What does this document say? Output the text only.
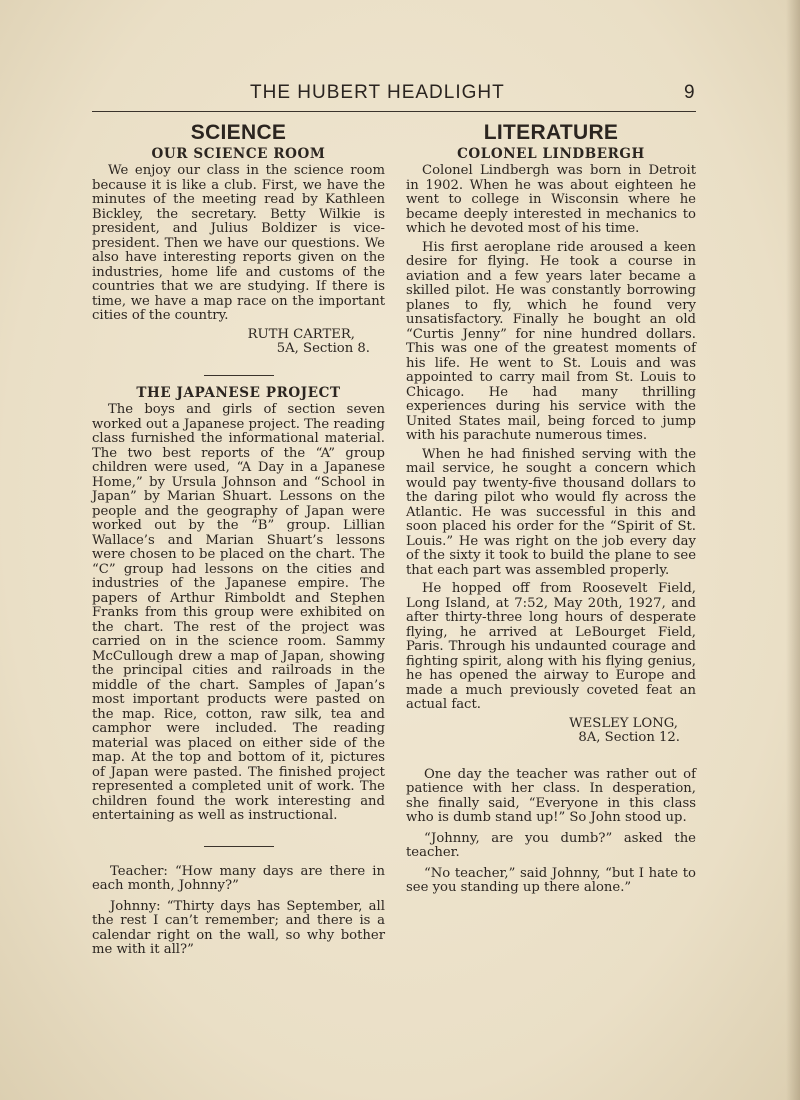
THE HUBERT HEADLIGHT	9
SCIENCE
OUR SCIENCE ROOM

We enjoy our class in the science room because it is like a club. First, we have the minutes of the meeting read by Kathleen Bickley, the secretary. Betty Wilkie is president, and Julius Boldizer is vice-president. Then we have our questions. We also have interesting reports given on the industries, home life and customs of the countries that we are studying. If there is time, we have a map race on the important cities of the country.

RUTH CARTER,
5A, Section 8.
THE JAPANESE PROJECT

The boys and girls of section seven worked out a Japanese project. The reading class furnished the informational material. The two best reports of the “A” group children were used, “A Day in a Japanese Home,” by Ursula Johnson and “School in Japan” by Marian Shuart. Lessons on the people and the geography of Japan were worked out by the “B” group. Lillian Wallace’s and Marian Shuart’s lessons were chosen to be placed on the chart. The “C” group had lessons on the cities and industries of the Japanese empire. The papers of Arthur Rimboldt and Stephen Franks from this group were exhibited on the chart. The rest of the project was carried on in the science room. Sammy McCullough drew a map of Japan, showing the principal cities and railroads in the middle of the chart. Samples of Japan’s most important products were pasted on the map. Rice, cotton, raw silk, tea and camphor were included. The reading material was placed on either side of the map. At the top and bottom of it, pictures of Japan were pasted. The finished project represented a completed unit of work. The children found the work interesting and entertaining as well as instructional.

Teacher: “How many days are there in each month, Johnny?”

Johnny: “Thirty days has September, all the rest I can’t remember; and there is a calendar right on the wall, so why bother me with it all?”

LITERATURE
COLONEL LINDBERGH

Colonel Lindbergh was born in Detroit in 1902. When he was about eighteen he went to college in Wisconsin where he became deeply interested in mechanics to which he devoted most of his time.

His first aeroplane ride aroused a keen desire for flying. He took a course in aviation and a few years later became a skilled pilot. He was constantly borrowing planes to fly, which he found very unsatisfactory. Finally he bought an old “Curtis Jenny” for nine hundred dollars. This was one of the greatest moments of his life. He went to St. Louis and was appointed to carry mail from St. Louis to Chicago. He had many thrilling experiences during his service with the United States mail, being forced to jump with his parachute numerous times.

When he had finished serving with the mail service, he sought a concern which would pay twenty-five thousand dollars to the daring pilot who would fly across the Atlantic. He was successful in this and soon placed his order for the “Spirit of St. Louis.” He was right on the job every day of the sixty it took to build the plane to see that each part was assembled properly.

He hopped off from Roosevelt Field, Long Island, at 7:52, May 20th, 1927, and after thirty-three long hours of desperate flying, he arrived at LeBourget Field, Paris. Through his undaunted courage and fighting spirit, along with his flying genius, he has opened the airway to Europe and made a much previously coveted feat an actual fact.

WESLEY LONG,
8A, Section 12.

One day the teacher was rather out of patience with her class. In desperation, she finally said, “Everyone in this class who is dumb stand up!” So John stood up.

“Johnny, are you dumb?” asked the teacher.

“No teacher,” said Johnny, “but I hate to see you standing up there alone.”
